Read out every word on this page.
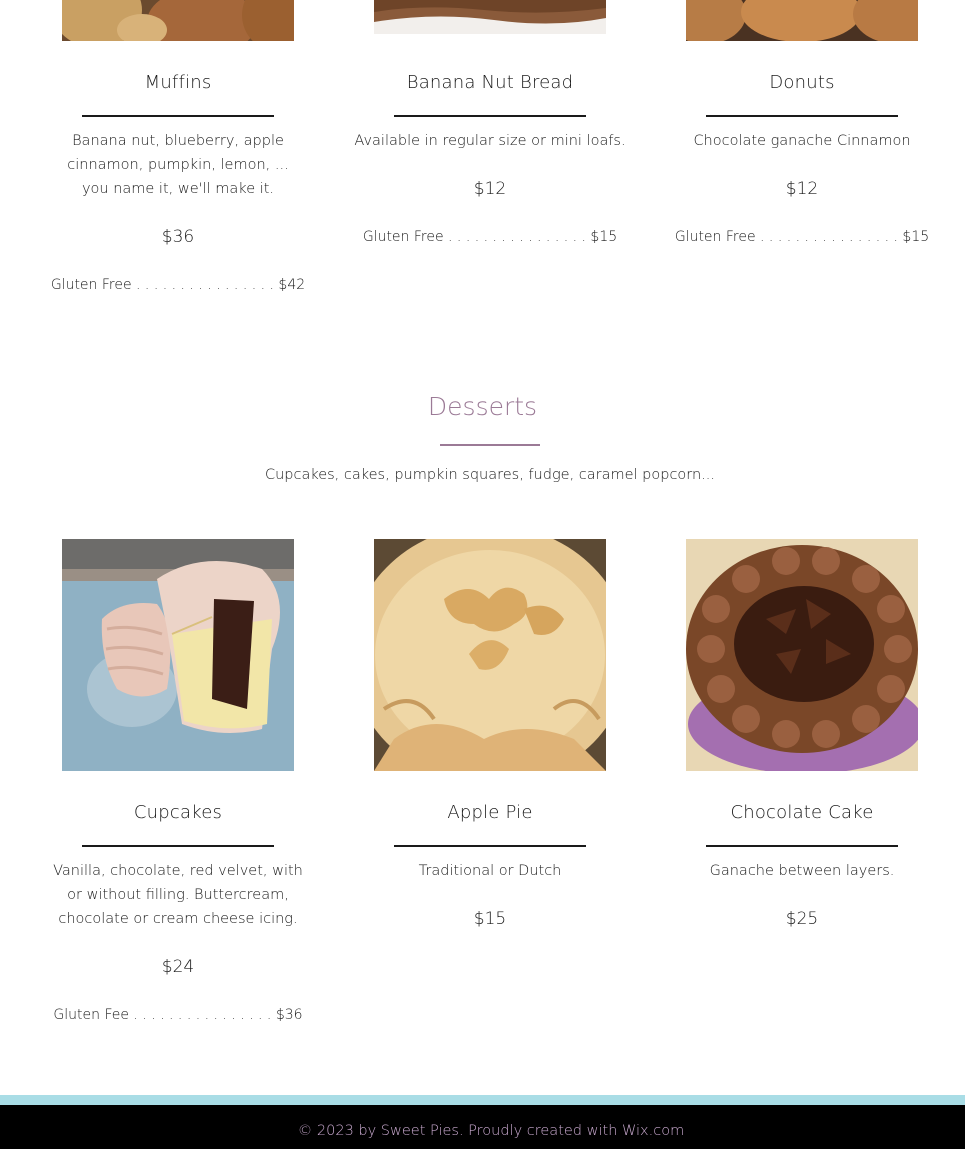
Muffins
Banana nut, blueberry, apple cinnamon, pumpkin, lemon, ... you name it, we'll make it.
$36
Gluten Free . . . . . . . . . . . . . . . . $42
Banana Nut Bread
Available in regular size or mini loafs.
$12
Gluten Free . . . . . . . . . . . . . . . . $15
Donuts
Chocolate ganache Cinnamon
$12
Gluten Free . . . . . . . . . . . . . . . . $15
Desserts
Cupcakes, cakes, pumpkin squares, fudge, caramel popcorn...
Cupcakes
Vanilla, chocolate, red velvet, with or without filling. Buttercream, chocolate or cream cheese icing.
$24
Gluten Fee . . . . . . . . . . . . . . . . $36
Apple Pie
Traditional or Dutch
$15
Chocolate Cake
Ganache between layers.
$25
© 2023 by Sweet Pies. Proudly created with Wix.com
